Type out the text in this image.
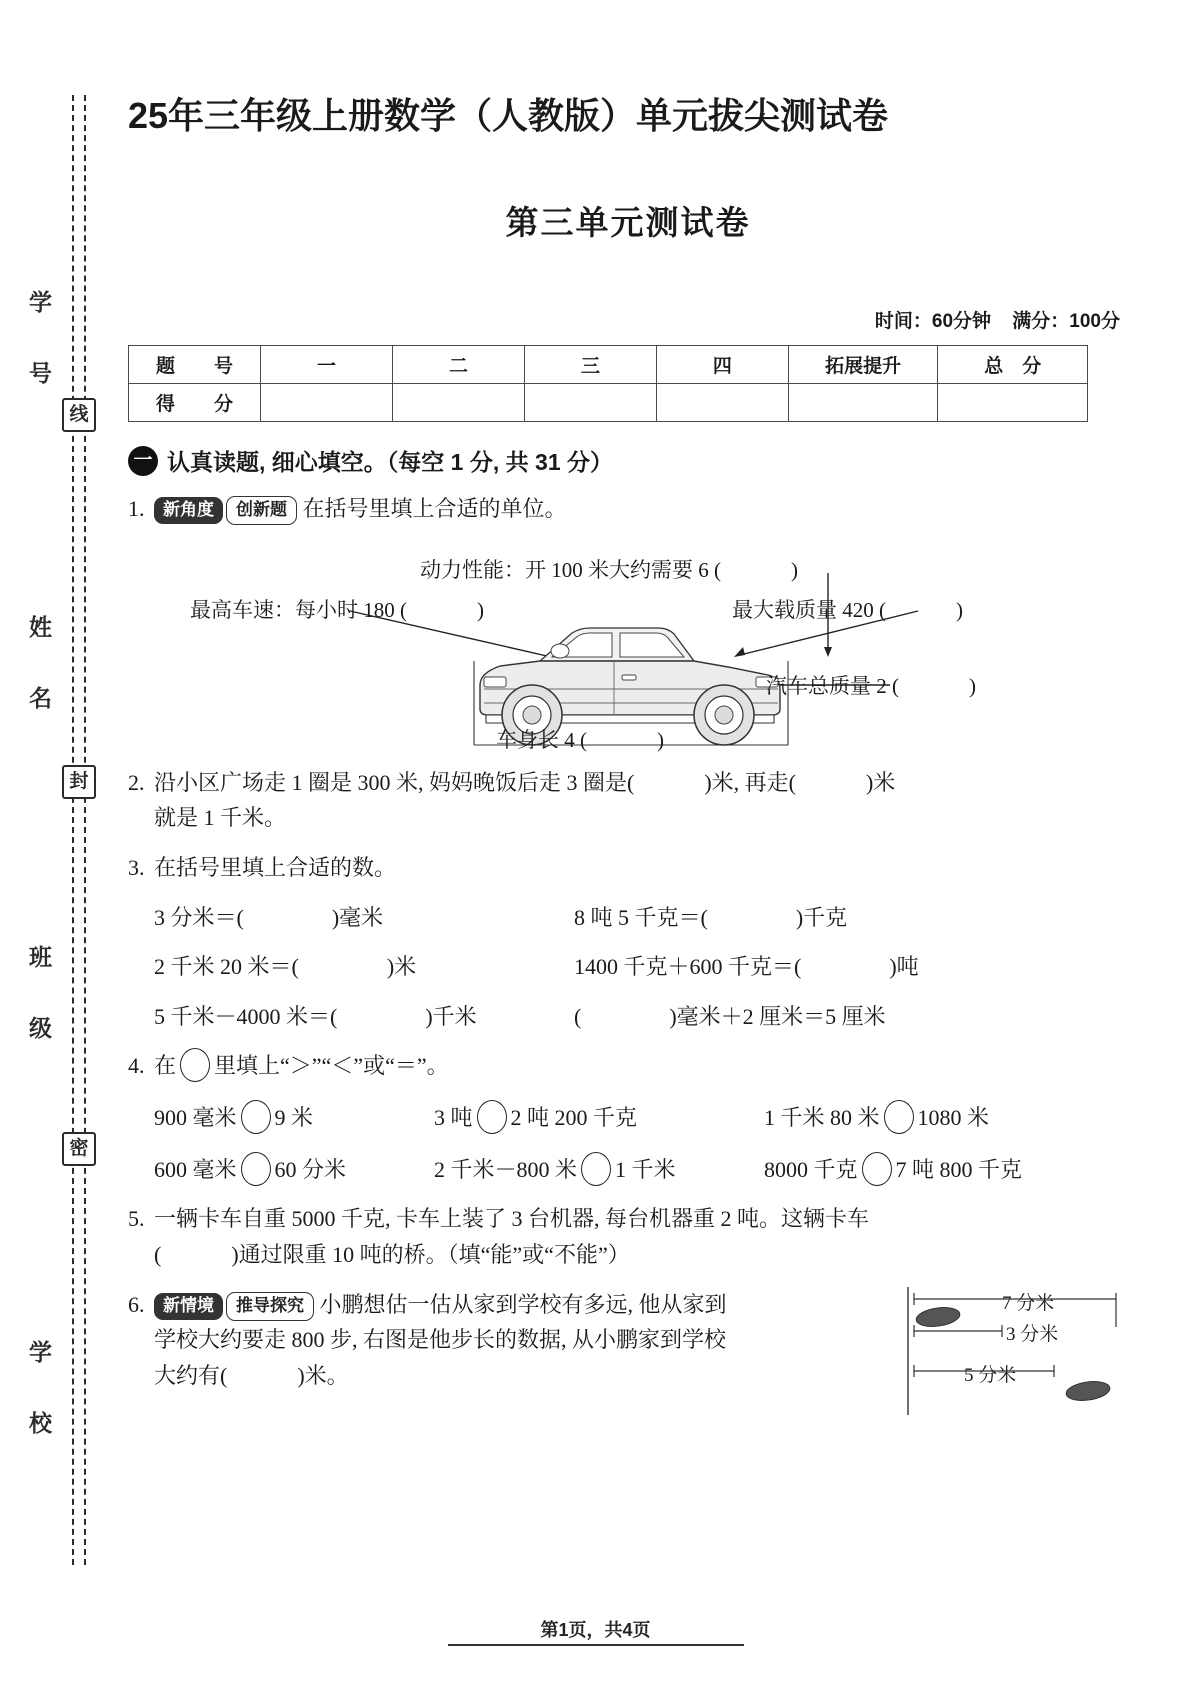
学 号
姓 名
班 级
学 校
线
封
密
25年三年级上册数学（人教版）单元拔尖测试卷
第三单元测试卷
时间：60分钟 满分：100分
题　号	一	二	三	四	拓展提升	总　分
得　分						
一 认真读题, 细心填空。（每空 1 分, 共 31 分）
1.	新角度 创新题 在括号里填上合适的单位。
动力性能：开 100 米大约需要 6 (	)
最高车速：每小时 180 (	)	最大载质量 420 (	)
汽车总质量 2 (	)
车身长 4 (	)
2. 沿小区广场走 1 圈是 300 米, 妈妈晚饭后走 3 圈是(	)米, 再走(	)米
就是 1 千米。
3. 在括号里填上合适的数。
3 分米＝(　　　　)毫米	8 吨 5 千克＝(　　　　)千克
2 千米 20 米＝(　　　　)米	1400 千克＋600 千克＝(　　　　)吨
5 千米－4000 米＝(　　　　)千米	(　　　　)毫米＋2 厘米＝5 厘米
4. 在 里填上“＞”“＜”或“＝”。
900 毫米 9 米	3 吨 2 吨 200 千克	1 千米 80 米 1080 米
600 毫米 60 分米	2 千米－800 米 1 千米	8000 千克 7 吨 800 千克
5. 一辆卡车自重 5000 千克, 卡车上装了 3 台机器, 每台机器重 2 吨。这辆卡车
(	)通过限重 10 吨的桥。（填“能”或“不能”）
6.	新情境 推导探究 小鹏想估一估从家到学校有多远, 他从家到
学校大约要走 800 步, 右图是他步长的数据, 从小鹏家到学校
大约有(	)米。
7 分米
3 分米
5 分米
第1页，共4页
